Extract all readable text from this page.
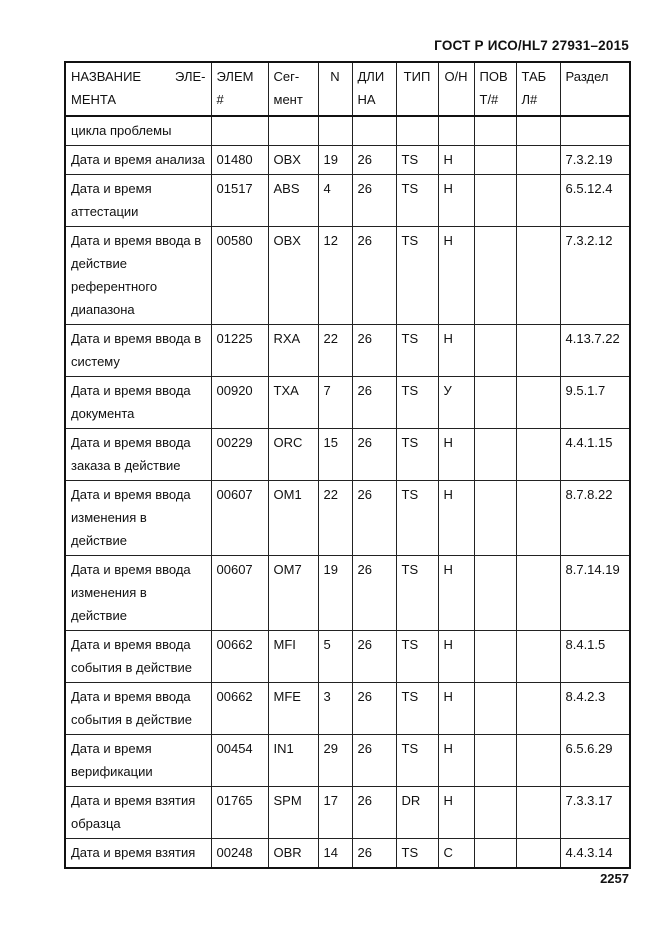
ГОСТ Р ИСО/HL7 27931–2015
НАЗВАНИЕ ЭЛЕ-
МЕНТА	ЭЛЕМ #	Сег-мент	N	ДЛИ НА	ТИП	О/Н	ПОВ Т/#	ТАБ Л#	Раздел
цикла проблемы									
Дата и время анализа	01480	OBX	19	26	TS	Н			7.3.2.19
Дата и время аттестации	01517	ABS	4	26	TS	Н			6.5.12.4
Дата и время ввода в действие референтного диапазона	00580	OBX	12	26	TS	Н			7.3.2.12
Дата и время ввода в систему	01225	RXA	22	26	TS	Н			4.13.7.22
Дата и время ввода документа	00920	TXA	7	26	TS	У			9.5.1.7
Дата и время ввода заказа в действие	00229	ORC	15	26	TS	Н			4.4.1.15
Дата и время ввода изменения в действие	00607	OM1	22	26	TS	Н			8.7.8.22
Дата и время ввода изменения в действие	00607	OM7	19	26	TS	Н			8.7.14.19
Дата и время ввода события в действие	00662	MFI	5	26	TS	Н			8.4.1.5
Дата и время ввода события в действие	00662	MFE	3	26	TS	Н			8.4.2.3
Дата и время верификации	00454	IN1	29	26	TS	Н			6.5.6.29
Дата и время взятия образца	01765	SPM	17	26	DR	Н			7.3.3.17
Дата и время взятия	00248	OBR	14	26	TS	С			4.4.3.14
2257
